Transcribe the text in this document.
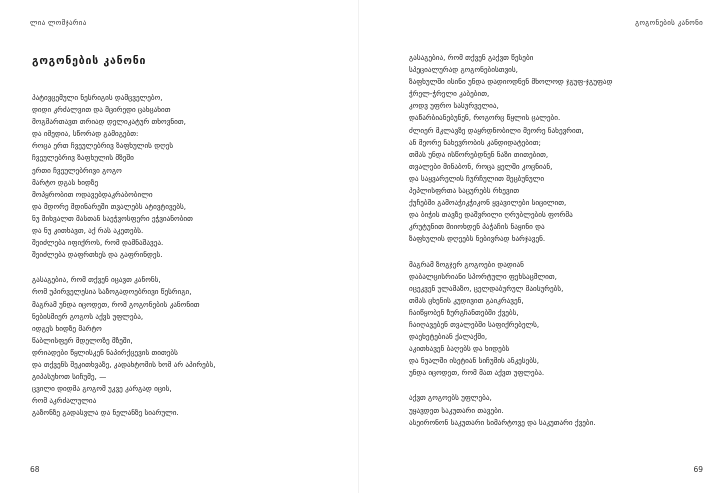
ლია ლომჯარია
გოგონების კანონი
პატივცემული ნესრიგის დამცველებო,
დიდი კრძალვით და მცირედი ცახცახით
მოგმართავთ თრიად დელიკატურ თხოვნით,
და იმედია, სწორად გამიგებთ:
როცა ერთ ჩვეულებრივ ზაფხულის დღეს
ჩვეულებრივ ზაფხულის მზეში
ერთი ჩვეულებრივი გოგო
მარტო დგას ხიდზე
მოპყრობით ოდავებდაკრაბობილი
და მდორე მდინარეში თვალებს ატივტივებს,
ნუ მიხვალთ მასთან საეჭვოსფერი ეჭვიანობით
და ნუ კითხავთ, აქ რას აკეთებს.
შეიძლება იფიქროს, რომ დამნაშავეა.
შეიძლება დაფრთხეს და გაფრინდეს.
გასაგებია, რომ თქვენ იცავთ კანონს,
რომ უპირველესია საზოგადოებრივი წესრიგი,
მაგრამ უნდა იცოდეთ, რომ გოგონების კანონით
ნებისმიერ გოგოს აქვს უფლება,
იდგეს ხიდზე მარტო
წაბლისფერ მდელოზე მზეში,
დრიადები წყლისკენ ნაპირქცევის თითებს
და თქვენს შეკითხვაზე, კადახტომის ხომ არ აპირებს,
გიპასუხოთ სიჩუმე, —
ცვილი დიდმა გოგომ უკვე კარგად იცის,
რომ აკრძალულია
გაზონზე გადასვლა და ნელანზე სიარული.
68
გოგონების კანონი
გასაგებია, რომ თქვენ გაქვთ წესები
სპეციალურად გოგონებისთვის,
ზაფხულში ისინი უნდა დადიოდნენ მხოლოდ ჯგუფ-ჯგუფად
ჭრელ-ჭრელი კაბებით,
კოდვ უფრო სასურველია,
დაწარბიანებუნენ, როგორც წყლის ცალები.
ძლიერ მკლავზე დაყრდნობილი მეორე ნახევრით,
ან მეორე ნახევრობის კანდიდატებით;
თმას უნდა ისწორებდნენ ნაზი თითებით,
თვალები მინაბონ, როცა ყელში კოცნიან,
და საყვარელის ჩურჩულით შეცბუნული
პეპლისფრთა საცურებს რხევით
ქუჩებში გამოაჭიკჭიკონ ყვავილები სიცილით,
და ბიჭის თავზე დაშვრილი ღრუბლების ფორმა
კრუტუნით მიიოხდენ პაჭაჩის ნაყინი და
ზაფხულის დღეებს ნებივრად ხარჯავენ.
მაგრამ ზოგჯერ გოგოები დადიან
დაბალცისრიანი სპორტული ფეხსაცმლით,
იცეკვენ ულამაზო, ცელდაბურულ მაისურებს,
თმას ცხენის კუდივით გაიკრავენ,
ჩაიწყობენ ზურგჩანთებში ქვებს,
ჩაიღავებენ თვალებში საფიქრებელს,
დაეხეტებიან ქალაქში,
აკითხავენ ბაღებს და ხიდებს
და ნუალში ისეტიან სიჩუმის ანკესებს,
უნდა იცოდეთ, რომ მათ აქვთ უფლება.
აქვთ გოგოებს უფლება,
უყავდეთ საკუთარი თავები.
ასეირონონ საკუთარი სიმარტოვე და საკუთარი ქვები.
69
